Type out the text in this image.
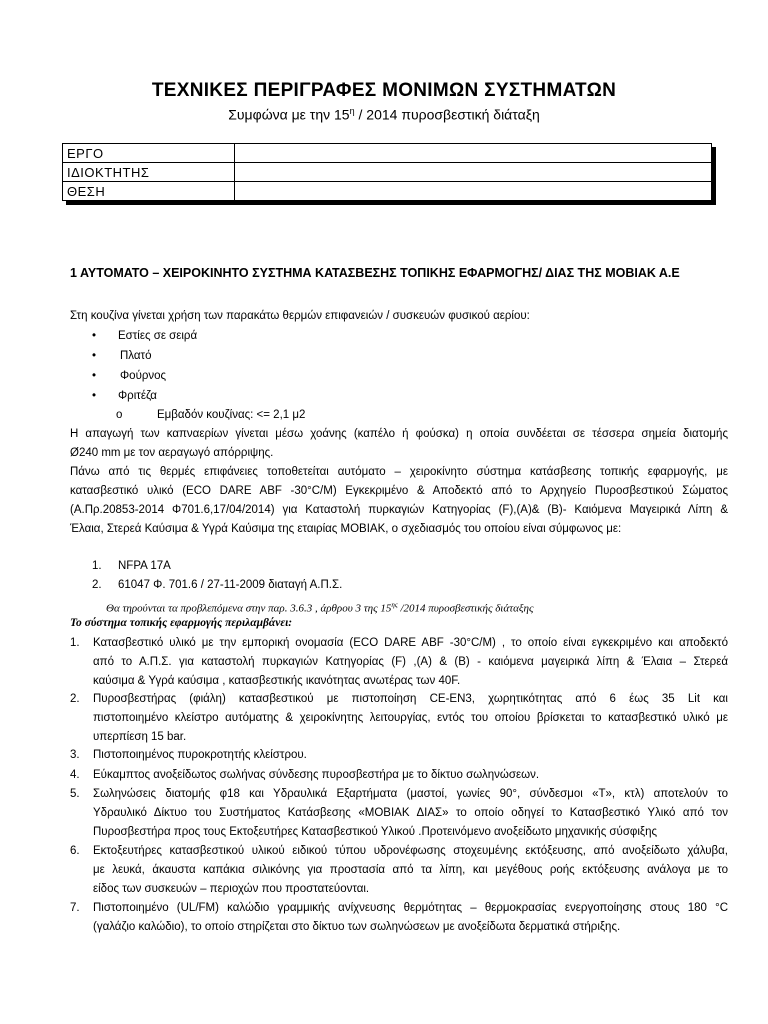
ΤΕΧΝΙΚΕΣ ΠΕΡΙΓΡΑΦΕΣ ΜΟΝΙΜΩΝ ΣΥΣΤΗΜΑΤΩΝ
Συμφώνα με την $15^\eta / 2014$ πυροσβεστική διάταξη
ΕΡΓΟ	
ΙΔΙΟΚΤΗΤΗΣ	
ΘΕΣΗ	
1 ΑΥΤΟΜΑΤΟ – ΧΕΙΡΟΚΙΝΗΤΟ ΣΥΣΤΗΜΑ ΚΑΤΑΣΒΕΣΗΣ ΤΟΠΙΚΗΣ ΕΦΑΡΜΟΓΗΣ/ ΔΙΑΣ ΤΗΣ ΜΟΒΙΑΚ Α.Ε
Στη κουζίνα γίνεται χρήση των παρακάτω θερμών επιφανειών / συσκευών φυσικού αερίου:
• Εστίες σε σειρά
• Πλατό
• Φούρνος
• Φριτέζα
o	Εμβαδόν κουζίνας: <= 2,1 μ2
Η απαγωγή των καπναερίων γίνεται μέσω χοάνης (καπέλο ή φούσκα) η οποία συνδέεται σε τέσσερα σημεία διατομής
Ø240 mm με τον αεραγωγό απόρριψης.
Πάνω από τις θερμές επιφάνειες τοποθετείται αυτόματο – χειροκίνητο σύστημα κατάσβεσης τοπικής εφαρμογής, με
κατασβεστικό υλικό (ECO DARE ABF -30°C/M) Εγκεκριμένο & Αποδεκτό από το Αρχηγείο Πυροσβεστικού Σώματος
(Α.Πρ.20853-2014 Φ701.6,17/04/2014) για Καταστολή πυρκαγιών Κατηγορίας (F),(A)& (B)- Καιόμενα Μαγειρικά Λίπη &
Έλαια, Στερεά Καύσιμα & Υγρά Καύσιμα της εταιρίας ΜΟΒΙΑΚ, ο σχεδιασμός του οποίου είναι σύμφωνος με:
1. NFPA 17A
2. 61047 Φ. 701.6 / 27-11-2009 διαταγή Α.Π.Σ.
Θα τηρούνται τα προβλεπόμενα στην παρ. 3.6.3 , άρθρου 3 της $15^{\eta\varsigma}$ /2014 πυροσβεστικής διάταξης
Το σύστημα τοπικής εφαρμογής περιλαμβάνει:
1. Κατασβεστικό υλικό με την εμπορική ονομασία (ECO DARE ABF -30°C/M) , το οποίο είναι εγκεκριμένο και αποδεκτό
από το Α.Π.Σ. για καταστολή πυρκαγιών Κατηγορίας (F) ,(A) & (B) - καιόμενα μαγειρικά λίπη & Έλαια – Στερεά
καύσιμα & Υγρά καύσιμα , κατασβεστικής ικανότητας ανωτέρας των 40F.
2. Πυροσβεστήρας (φιάλη) κατασβεστικού με πιστοποίηση CE-EN3, χωρητικότητας από 6 έως 35 Lit και
πιστοποιημένο κλείστρο αυτόματης & χειροκίνητης λειτουργίας, εντός του οποίου βρίσκεται το κατασβεστικό υλικό με
υπερπίεση 15 bar.
3. Πιστοποιημένος πυροκροτητής κλείστρου.
4. Εύκαμπτος ανοξείδωτος σωλήνας σύνδεσης πυροσβεστήρα με το δίκτυο σωληνώσεων.
5. Σωληνώσεις διατομής φ18 και Υδραυλικά Εξαρτήματα (μαστοί, γωνίες 90°, σύνδεσμοι «Τ», κτλ) αποτελούν το
Υδραυλικό Δίκτυο του Συστήματος Κατάσβεσης «ΜΟΒΙΑΚ ΔΙΑΣ» το οποίο οδηγεί το Κατασβεστικό Υλικό από τον
Πυροσβεστήρα προς τους Εκτοξευτήρες Κατασβεστικού Υλικού .Προτεινόμενο ανοξείδωτο μηχανικής σύσφιξης
6. Εκτοξευτήρες κατασβεστικού υλικού ειδικού τύπου υδρονέφωσης στοχευμένης εκτόξευσης, από ανοξείδωτο χάλυβα,
με λευκά, άκαυστα καπάκια σιλικόνης για προστασία από τα λίπη, και μεγέθους ροής εκτόξευσης ανάλογα με το
είδος των συσκευών – περιοχών που προστατεύονται.
7. Πιστοποιημένο (UL/FM) καλώδιο γραμμικής ανίχνευσης θερμότητας – θερμοκρασίας ενεργοποίησης στους 180 °C
(γαλάζιο καλώδιο), το οποίο στηρίζεται στο δίκτυο των σωληνώσεων με ανοξείδωτα δερματικά στήριξης.
